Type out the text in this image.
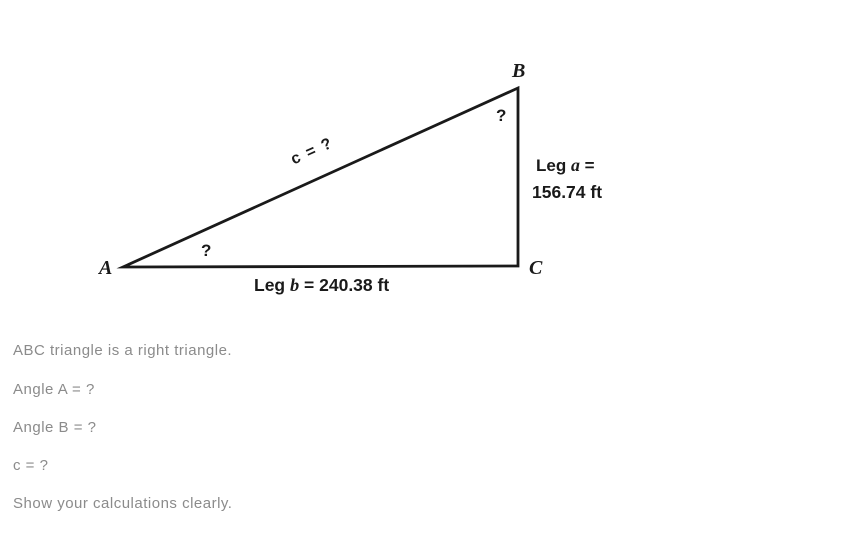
A
B
C
?
?
c = ?
Leg b = 240.38 ft
Leg a =
156.74 ft

ABC triangle is a right triangle.

Angle A = ?

Angle B = ?

c = ?

Show your calculations clearly.
